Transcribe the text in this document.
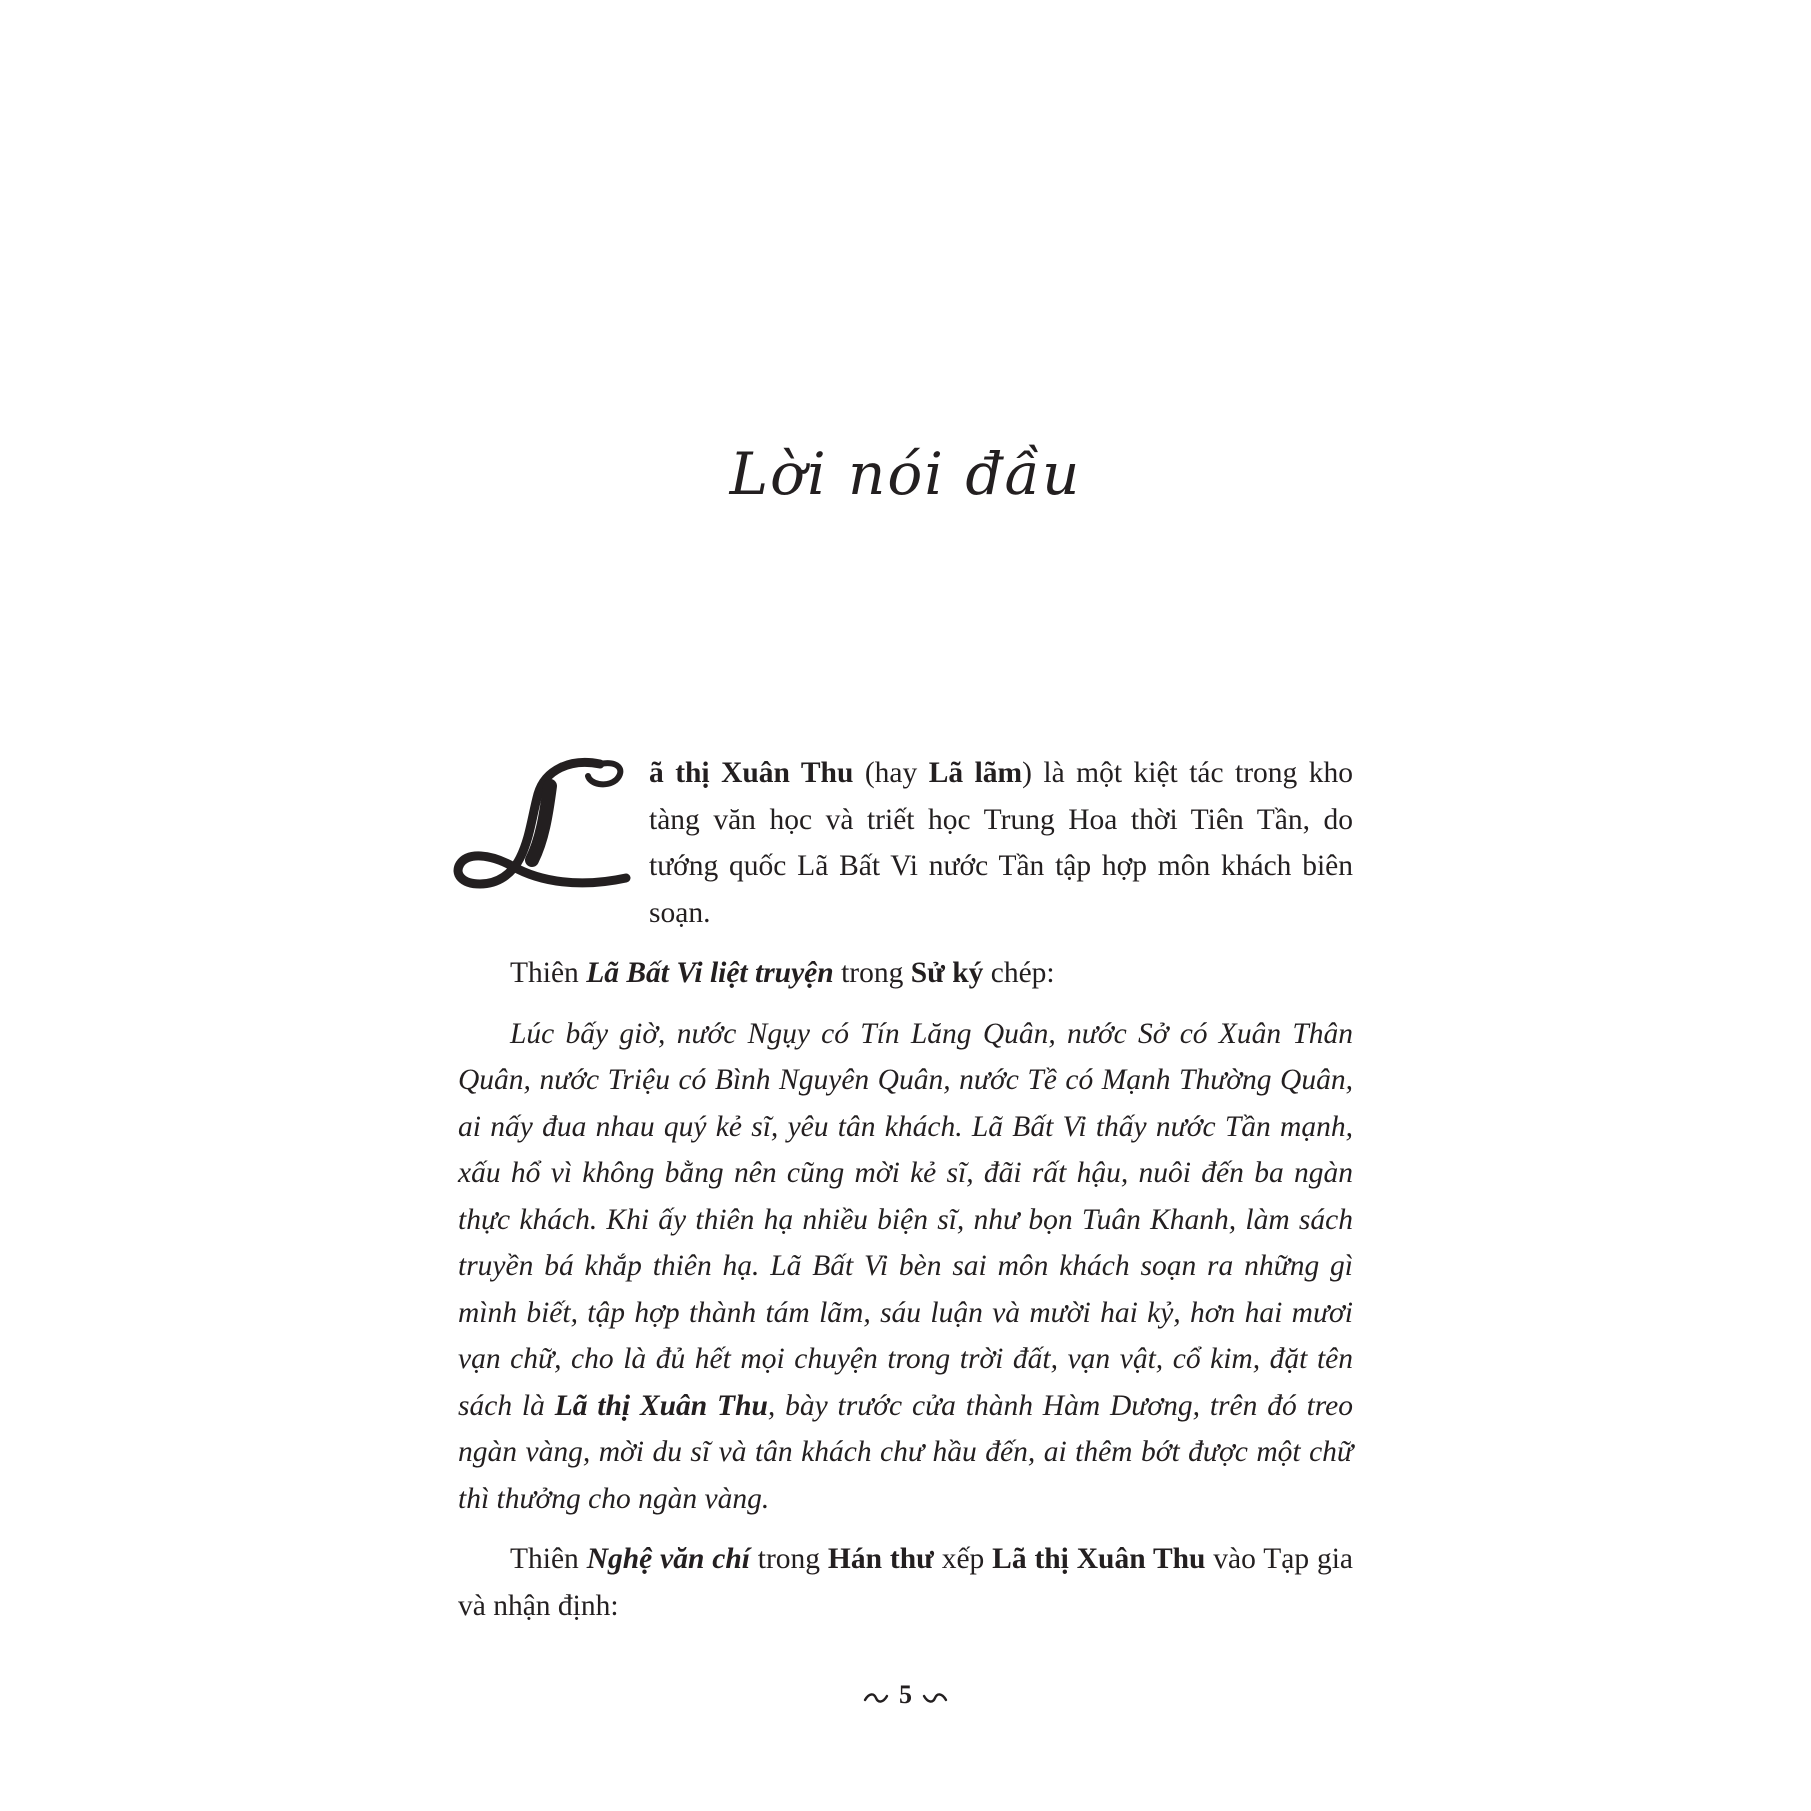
Lời nói đầu

ã thị Xuân Thu (hay Lã lãm) là một kiệt tác trong kho tàng văn học và triết học Trung Hoa thời Tiên Tần, do tướng quốc Lã Bất Vi nước Tần tập hợp môn khách biên soạn.

Thiên Lã Bất Vi liệt truyện trong Sử ký chép:

Lúc bấy giờ, nước Ngụy có Tín Lăng Quân, nước Sở có Xuân Thân Quân, nước Triệu có Bình Nguyên Quân, nước Tề có Mạnh Thường Quân, ai nấy đua nhau quý kẻ sĩ, yêu tân khách. Lã Bất Vi thấy nước Tần mạnh, xấu hổ vì không bằng nên cũng mời kẻ sĩ, đãi rất hậu, nuôi đến ba ngàn thực khách. Khi ấy thiên hạ nhiều biện sĩ, như bọn Tuân Khanh, làm sách truyền bá khắp thiên hạ. Lã Bất Vi bèn sai môn khách soạn ra những gì mình biết, tập hợp thành tám lãm, sáu luận và mười hai kỷ, hơn hai mươi vạn chữ, cho là đủ hết mọi chuyện trong trời đất, vạn vật, cổ kim, đặt tên sách là Lã thị Xuân Thu, bày trước cửa thành Hàm Dương, trên đó treo ngàn vàng, mời du sĩ và tân khách chư hầu đến, ai thêm bớt được một chữ thì thưởng cho ngàn vàng.

Thiên Nghệ văn chí trong Hán thư xếp Lã thị Xuân Thu vào Tạp gia và nhận định:

5
